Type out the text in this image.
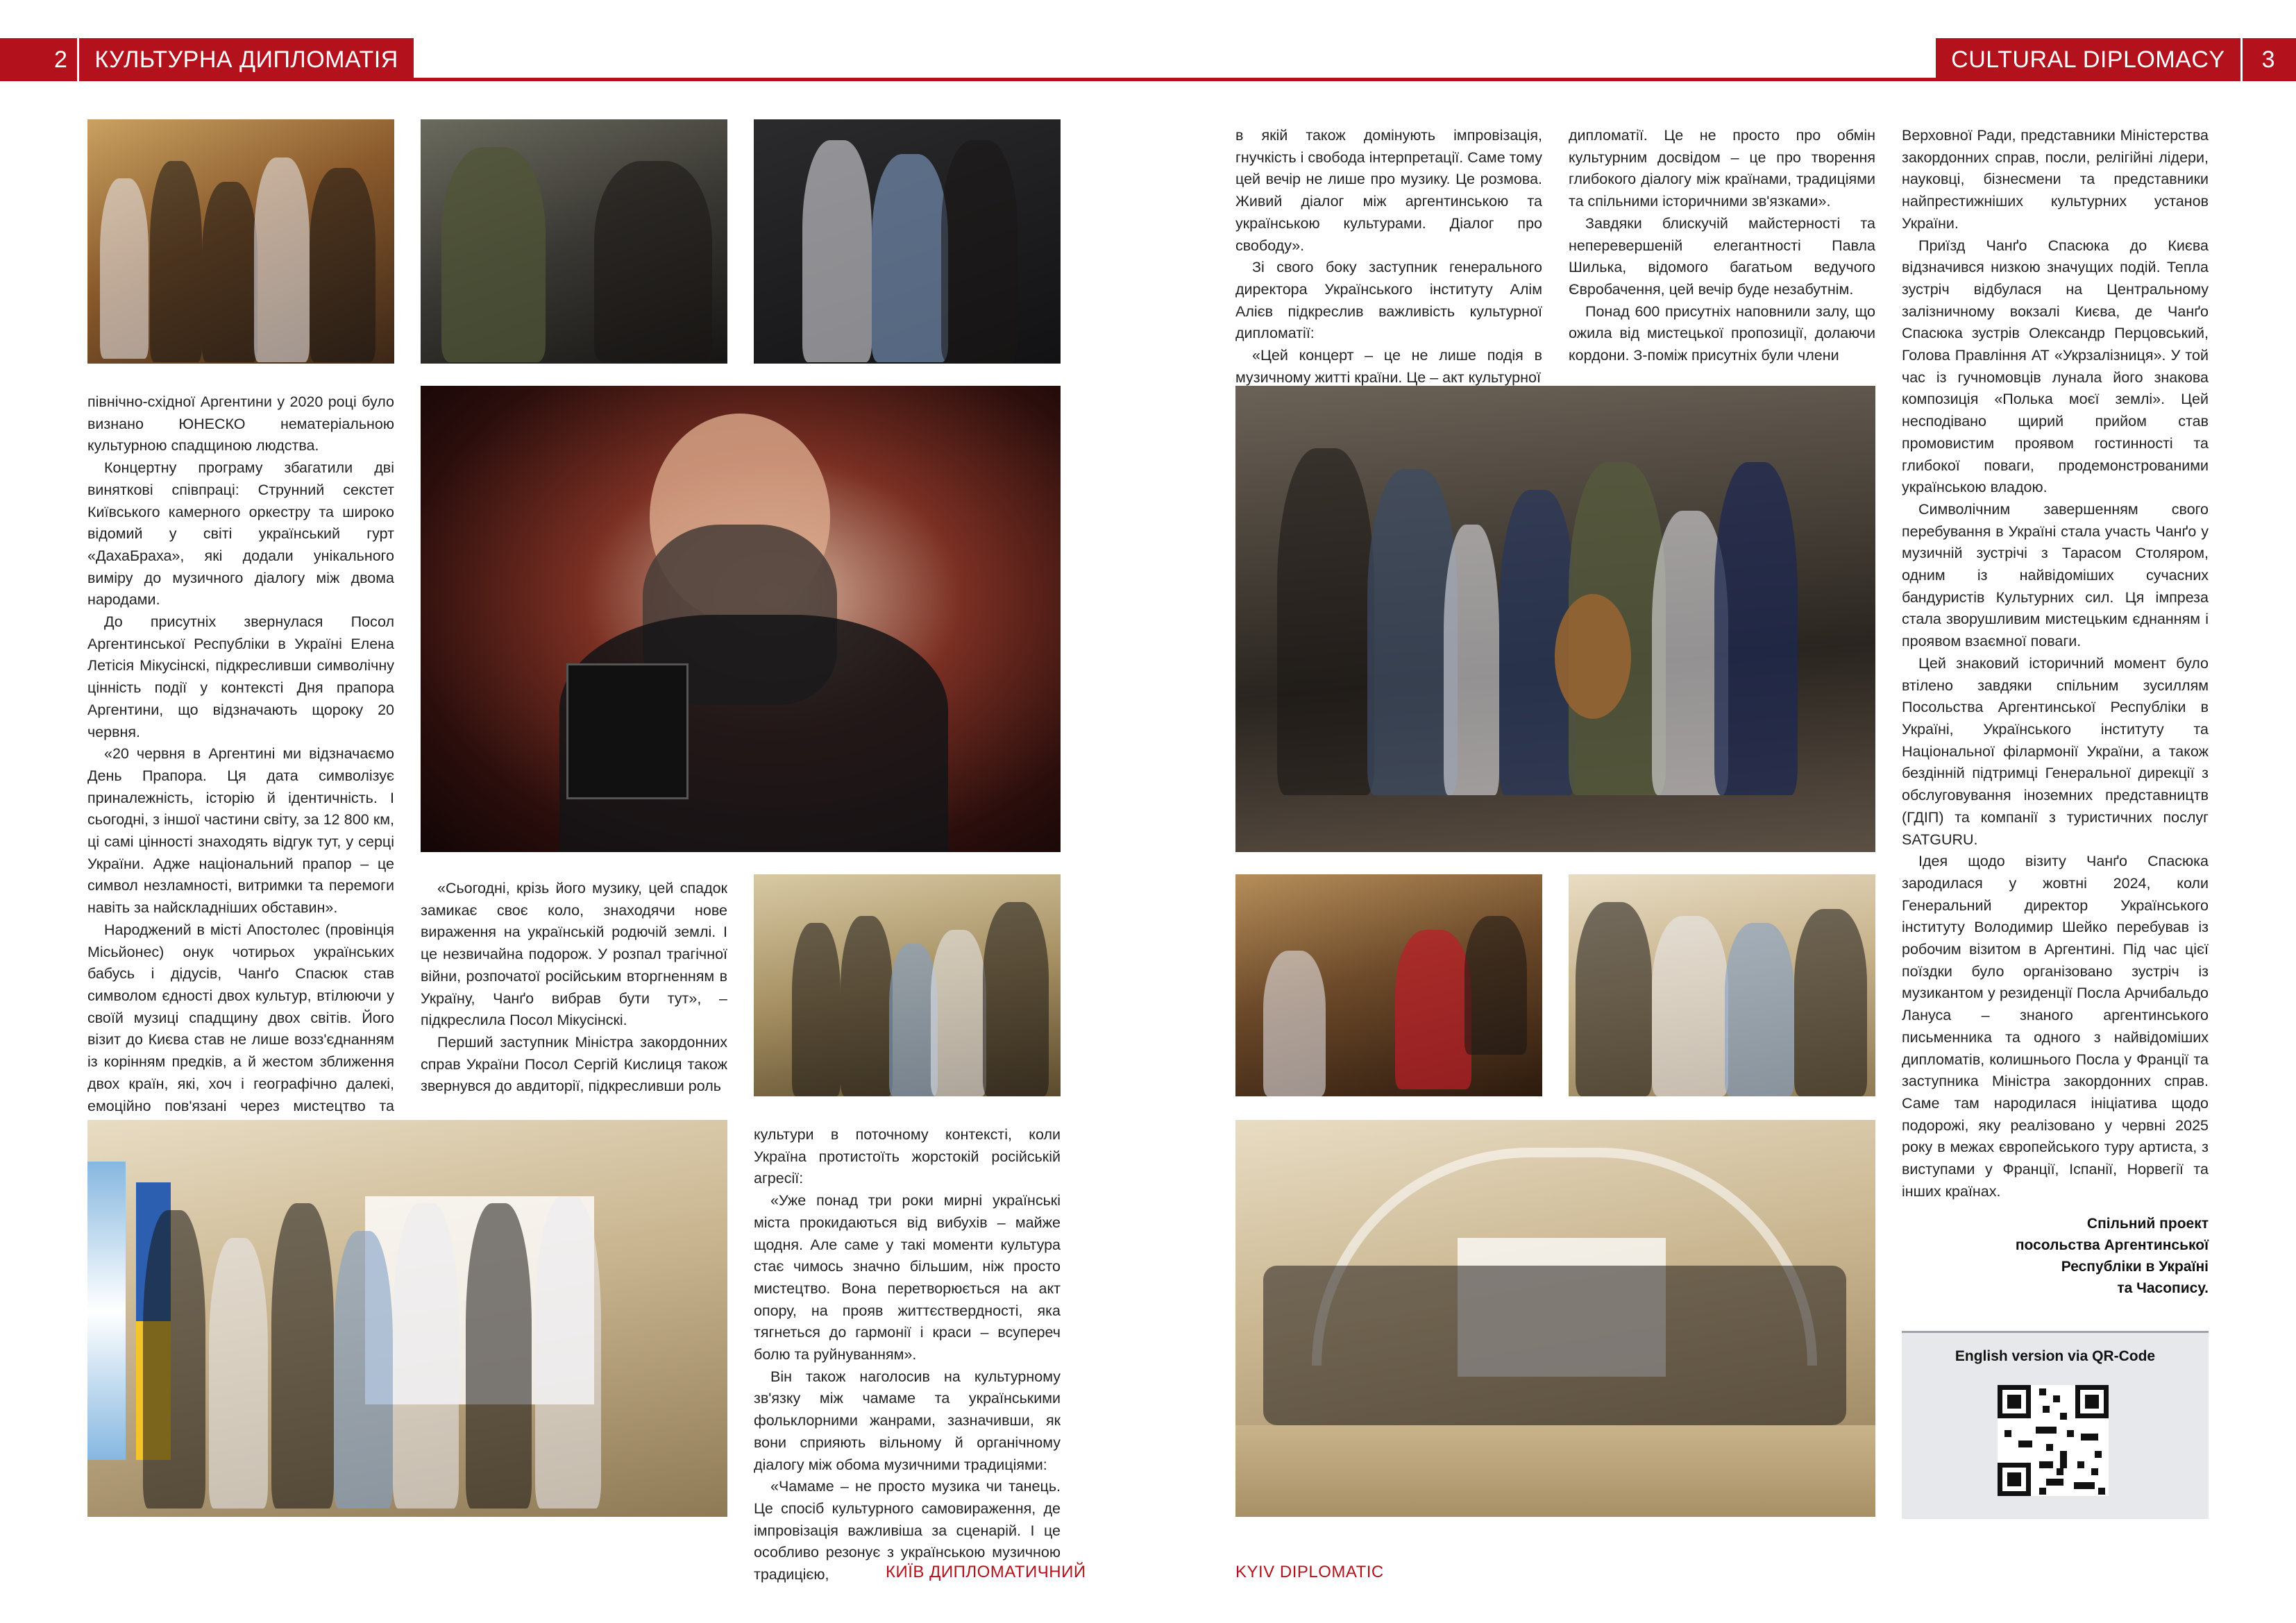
2	КУЛЬТУРНА ДИПЛОМАТІЯ

північно-східної Аргентини у 2020 році було визнано ЮНЕСКО нематеріальною культурною спадщиною людства.

Концертну програму збагатили дві виняткові співпраці: Струнний секстет Київського камерного оркестру та широко відомий у світі український гурт «ДахаБраха», які додали унікального виміру до музичного діалогу між двома народами.

До присутніх звернулася Посол Аргентинської Республіки в Україні Елена Летісія Мікусінскі, підкресливши символічну цінність події у контексті Дня прапора Аргентини, що відзначають щороку 20 червня.

«20 червня в Аргентині ми відзначаємо День Прапора. Ця дата символізує приналежність, історію й ідентичність. І сьогодні, з іншої частини світу, за 12 800 км, ці самі цінності знаходять відгук тут, у серці України. Адже національний прапор – це символ незламності, витримки та перемоги навіть за найскладніших обставин».

Народжений в місті Апостолес (провінція Місьйонес) онук чотирьох українських бабусь і дідусів, Чанґо Спасюк став символом єдності двох культур, втілюючи у своїй музиці спадщину двох світів. Його візит до Києва став не лише возз'єднанням із корінням предків, а й жестом зближення двох країн, які, хоч і географічно далекі, емоційно пов'язані через мистецтво та

«Сьогодні, крізь його музику, цей спадок замикає своє коло, знаходячи нове вираження на українській родючій землі. І це незвичайна подорож. У розпал трагічної війни, розпочатої російським вторгненням в Україну, Чанґо вибрав бути тут», – підкреслила Посол Мікусінскі.

Перший заступник Міністра закордонних справ України Посол Сергій Кислиця також звернувся до авдиторії, підкресливши роль

культури в поточному контексті, коли Україна протистоїть жорстокій російській агресії:

«Уже понад три роки мирні українські міста прокидаються від вибухів – майже щодня. Але саме у такі моменти культура стає чимось значно більшим, ніж просто мистецтво. Вона перетворюється на акт опору, на прояв життєствердності, яка тягнеться до гармонії і краси – всупереч болю та руйнуванням».

Він також наголосив на культурному зв'язку між чамаме та українськими фольклорними жанрами, зазначивши, як вони сприяють вільному й органічному діалогу між обома музичними традиціями:

«Чамаме – не просто музика чи танець. Це спосіб культурного самовираження, де імпровізація важливіша за сценарій. І це особливо резонує з українською музичною традицією,	КИЇВ ДИПЛОМАТИЧНИЙ
CULTURAL DIPLOMACY	3

в якій також домінують імпровізація, гнучкість і свобода інтерпретації. Саме тому цей вечір не лише про музику. Це розмова. Живий діалог між аргентинською та українською культурами. Діалог про свободу».

Зі свого боку заступник генерального директора Українського інституту Алім Алієв підкреслив важливість культурної дипломатії:

«Цей концерт – це не лише подія в музичному житті країни. Це – акт культурної

дипломатії. Це не просто про обмін культурним досвідом – це про творення глибокого діалогу між країнами, традиціями та спільними історичними зв'язками».

Завдяки блискучій майстерності та неперевершеній елегантності Павла Шилька, відомого багатьом ведучого Євробачення, цей вечір буде незабутнім.

Понад 600 присутніх наповнили залу, що ожила від мистецької пропозиції, долаючи кордони. З-поміж присутніх були члени

Верховної Ради, представники Міністерства закордонних справ, посли, релігійні лідери, науковці, бізнесмени та представники найпрестижніших культурних установ України.

Приїзд Чанґо Спасюка до Києва відзначився низкою значущих подій. Тепла зустріч відбулася на Центральному залізничному вокзалі Києва, де Чанґо Спасюка зустрів Олександр Перцовський, Голова Правління АТ «Укрзалізниця». У той час із гучномовців лунала його знакова композиція «Полька моєї землі». Цей несподівано щирий прийом став промовистим проявом гостинності та глибокої поваги, продемонстрованими українською владою.

Символічним завершенням свого перебування в Україні стала участь Чанґо у музичній зустрічі з Тарасом Столяром, одним із найвідоміших сучасних бандуристів Культурних сил. Ця імпреза стала зворушливим мистецьким єднанням і проявом взаємної поваги.

Цей знаковий історичний момент було втілено завдяки спільним зусиллям Посольства Аргентинської Республіки в Україні, Українського інституту та Національної філармонії України, а також бездінній підтримці Генеральної дирекції з обслуговування іноземних представництв (ГДІП) та компанії з туристичних послуг SATGURU.

Ідея щодо візиту Чанґо Спасюка зародилася у жовтні 2024, коли Генеральний директор Українського інституту Володимир Шейко перебував із робочим візитом в Аргентині. Під час цієї поїздки було організовано зустріч із музикантом у резиденції Посла Арчибальдо Лануса – знаного аргентинського письменника та одного з найвідоміших дипломатів, колишнього Посла у Франції та заступника Міністра закордонних справ. Саме там народилася ініціатива щодо подорожі, яку реалізовано у червні 2025 року в межах європейського туру артиста, з виступами у Франції, Іспанії, Норвегії та інших країнах.

Спільний проект
посольства Аргентинської
Республіки в Україні
та Часопису.
English version via QR-Code
KYIV DIPLOMATIC
